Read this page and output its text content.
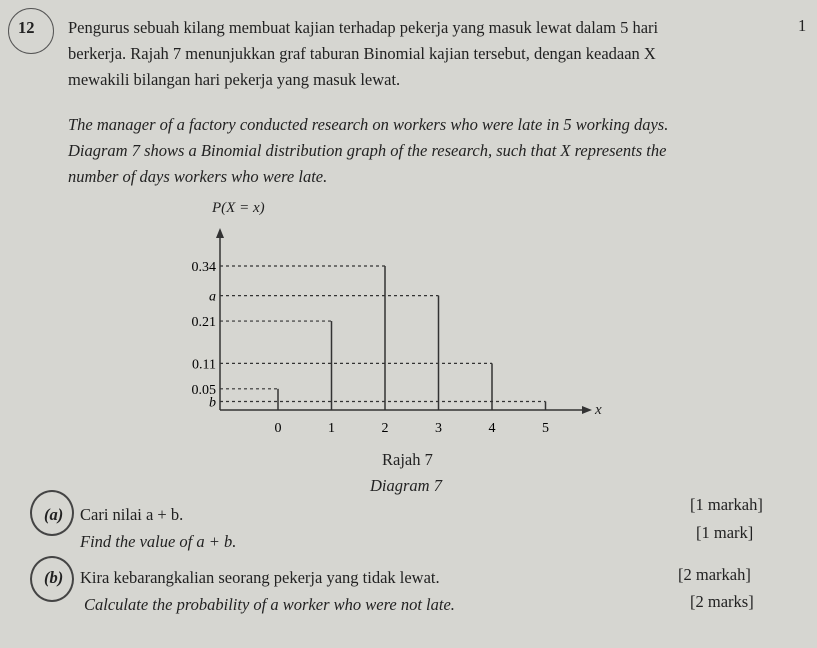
12	1
Pengurus sebuah kilang membuat kajian terhadap pekerja yang masuk lewat dalam 5 hari
berkerja. Rajah 7 menunjukkan graf taburan Binomial kajian tersebut, dengan keadaan X
mewakili bilangan hari pekerja yang masuk lewat.
The manager of a factory conducted research on workers who were late in 5 working days.
Diagram 7 shows a Binomial distribution graph of the research, such that X represents the
number of days workers who were late.
0.05
0
0.21
1
0.34
2
a
3
0.11
4
b
5
P(X = x)
x
Rajah 7
Diagram 7
(a) Cari nilai a + b.
Find the value of a + b.
[1 markah]
[1 mark]
(b) Kira kebarangkalian seorang pekerja yang tidak lewat.
Calculate the probability of a worker who were not late.
[2 markah]
[2 marks]
